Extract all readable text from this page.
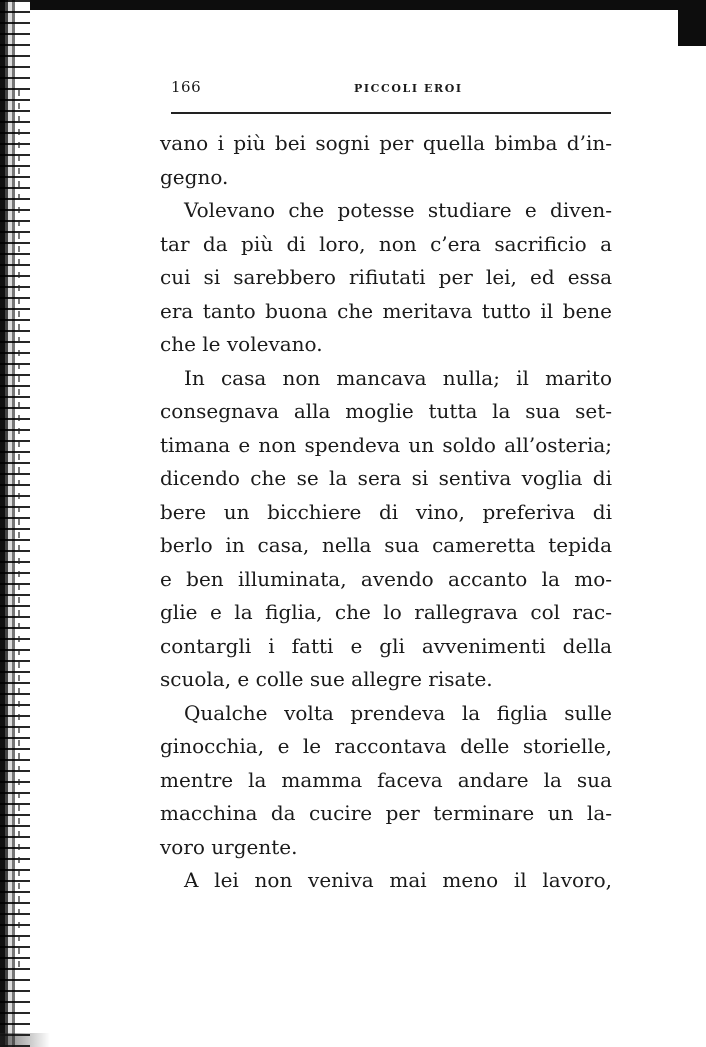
166	PICCOLI EROI
vano i più bei sogni per quella bimba d’in-
gegno.
Volevano che potesse studiare e diven-
tar da più di loro, non c’era sacrificio a
cui si sarebbero rifiutati per lei, ed essa
era tanto buona che meritava tutto il bene
che le volevano.
In casa non mancava nulla; il marito
consegnava alla moglie tutta la sua set-
timana e non spendeva un soldo all’osteria;
dicendo che se la sera si sentiva voglia di
bere un bicchiere di vino, preferiva di
berlo in casa, nella sua cameretta tepida
e ben illuminata, avendo accanto la mo-
glie e la figlia, che lo rallegrava col rac-
contargli i fatti e gli avvenimenti della
scuola, e colle sue allegre risate.
Qualche volta prendeva la figlia sulle
ginocchia, e le raccontava delle storielle,
mentre la mamma faceva andare la sua
macchina da cucire per terminare un la-
voro urgente.
A lei non veniva mai meno il lavoro,
